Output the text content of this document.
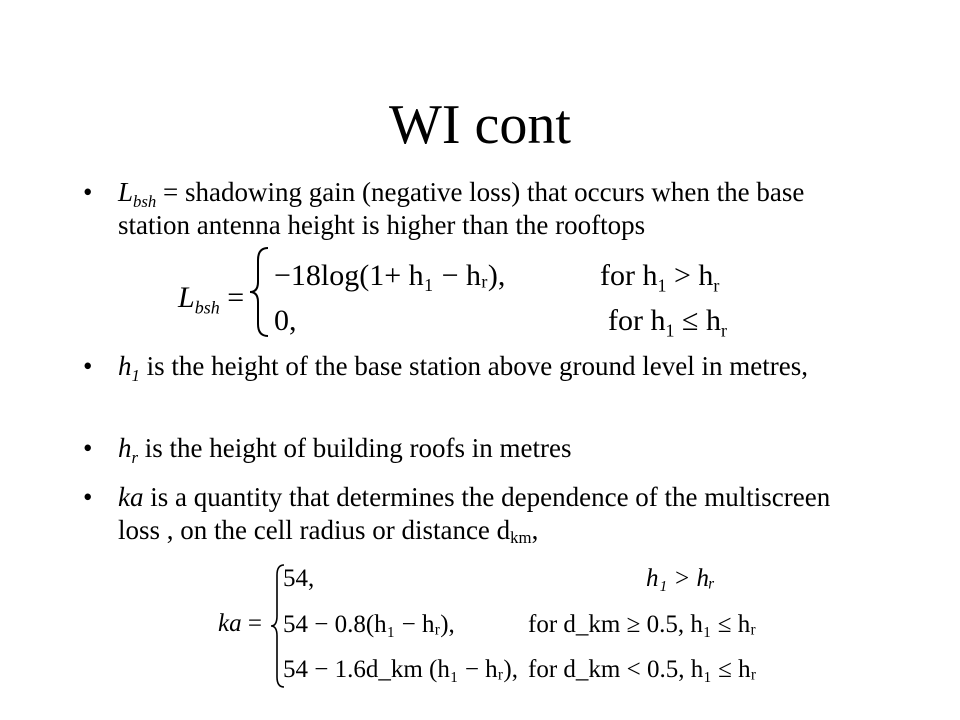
WI cont
• $L_{bsh}$ = shadowing gain (negative loss) that occurs when the base station antenna height is higher than the rooftops
$L_{bsh}$ =
−18log(1+ h₁ − hᵣ),
0,
for $h_1 > h_r$
for $h_1 \le h_r$
• $h_1$ is the height of the base station above ground level in metres,
• $h_r$ is the height of building roofs in metres
• ka is a quantity that determines the dependence of the multiscreen loss , on the cell radius or distance dkm,
ka =
54,	h₁ > hᵣ
54 − 0.8(h₁ − hᵣ),	for d_km ≥ 0.5, h₁ ≤ hᵣ
54 − 1.6d_km (h₁ − hᵣ), for d_km < 0.5, h₁ ≤ hᵣ
